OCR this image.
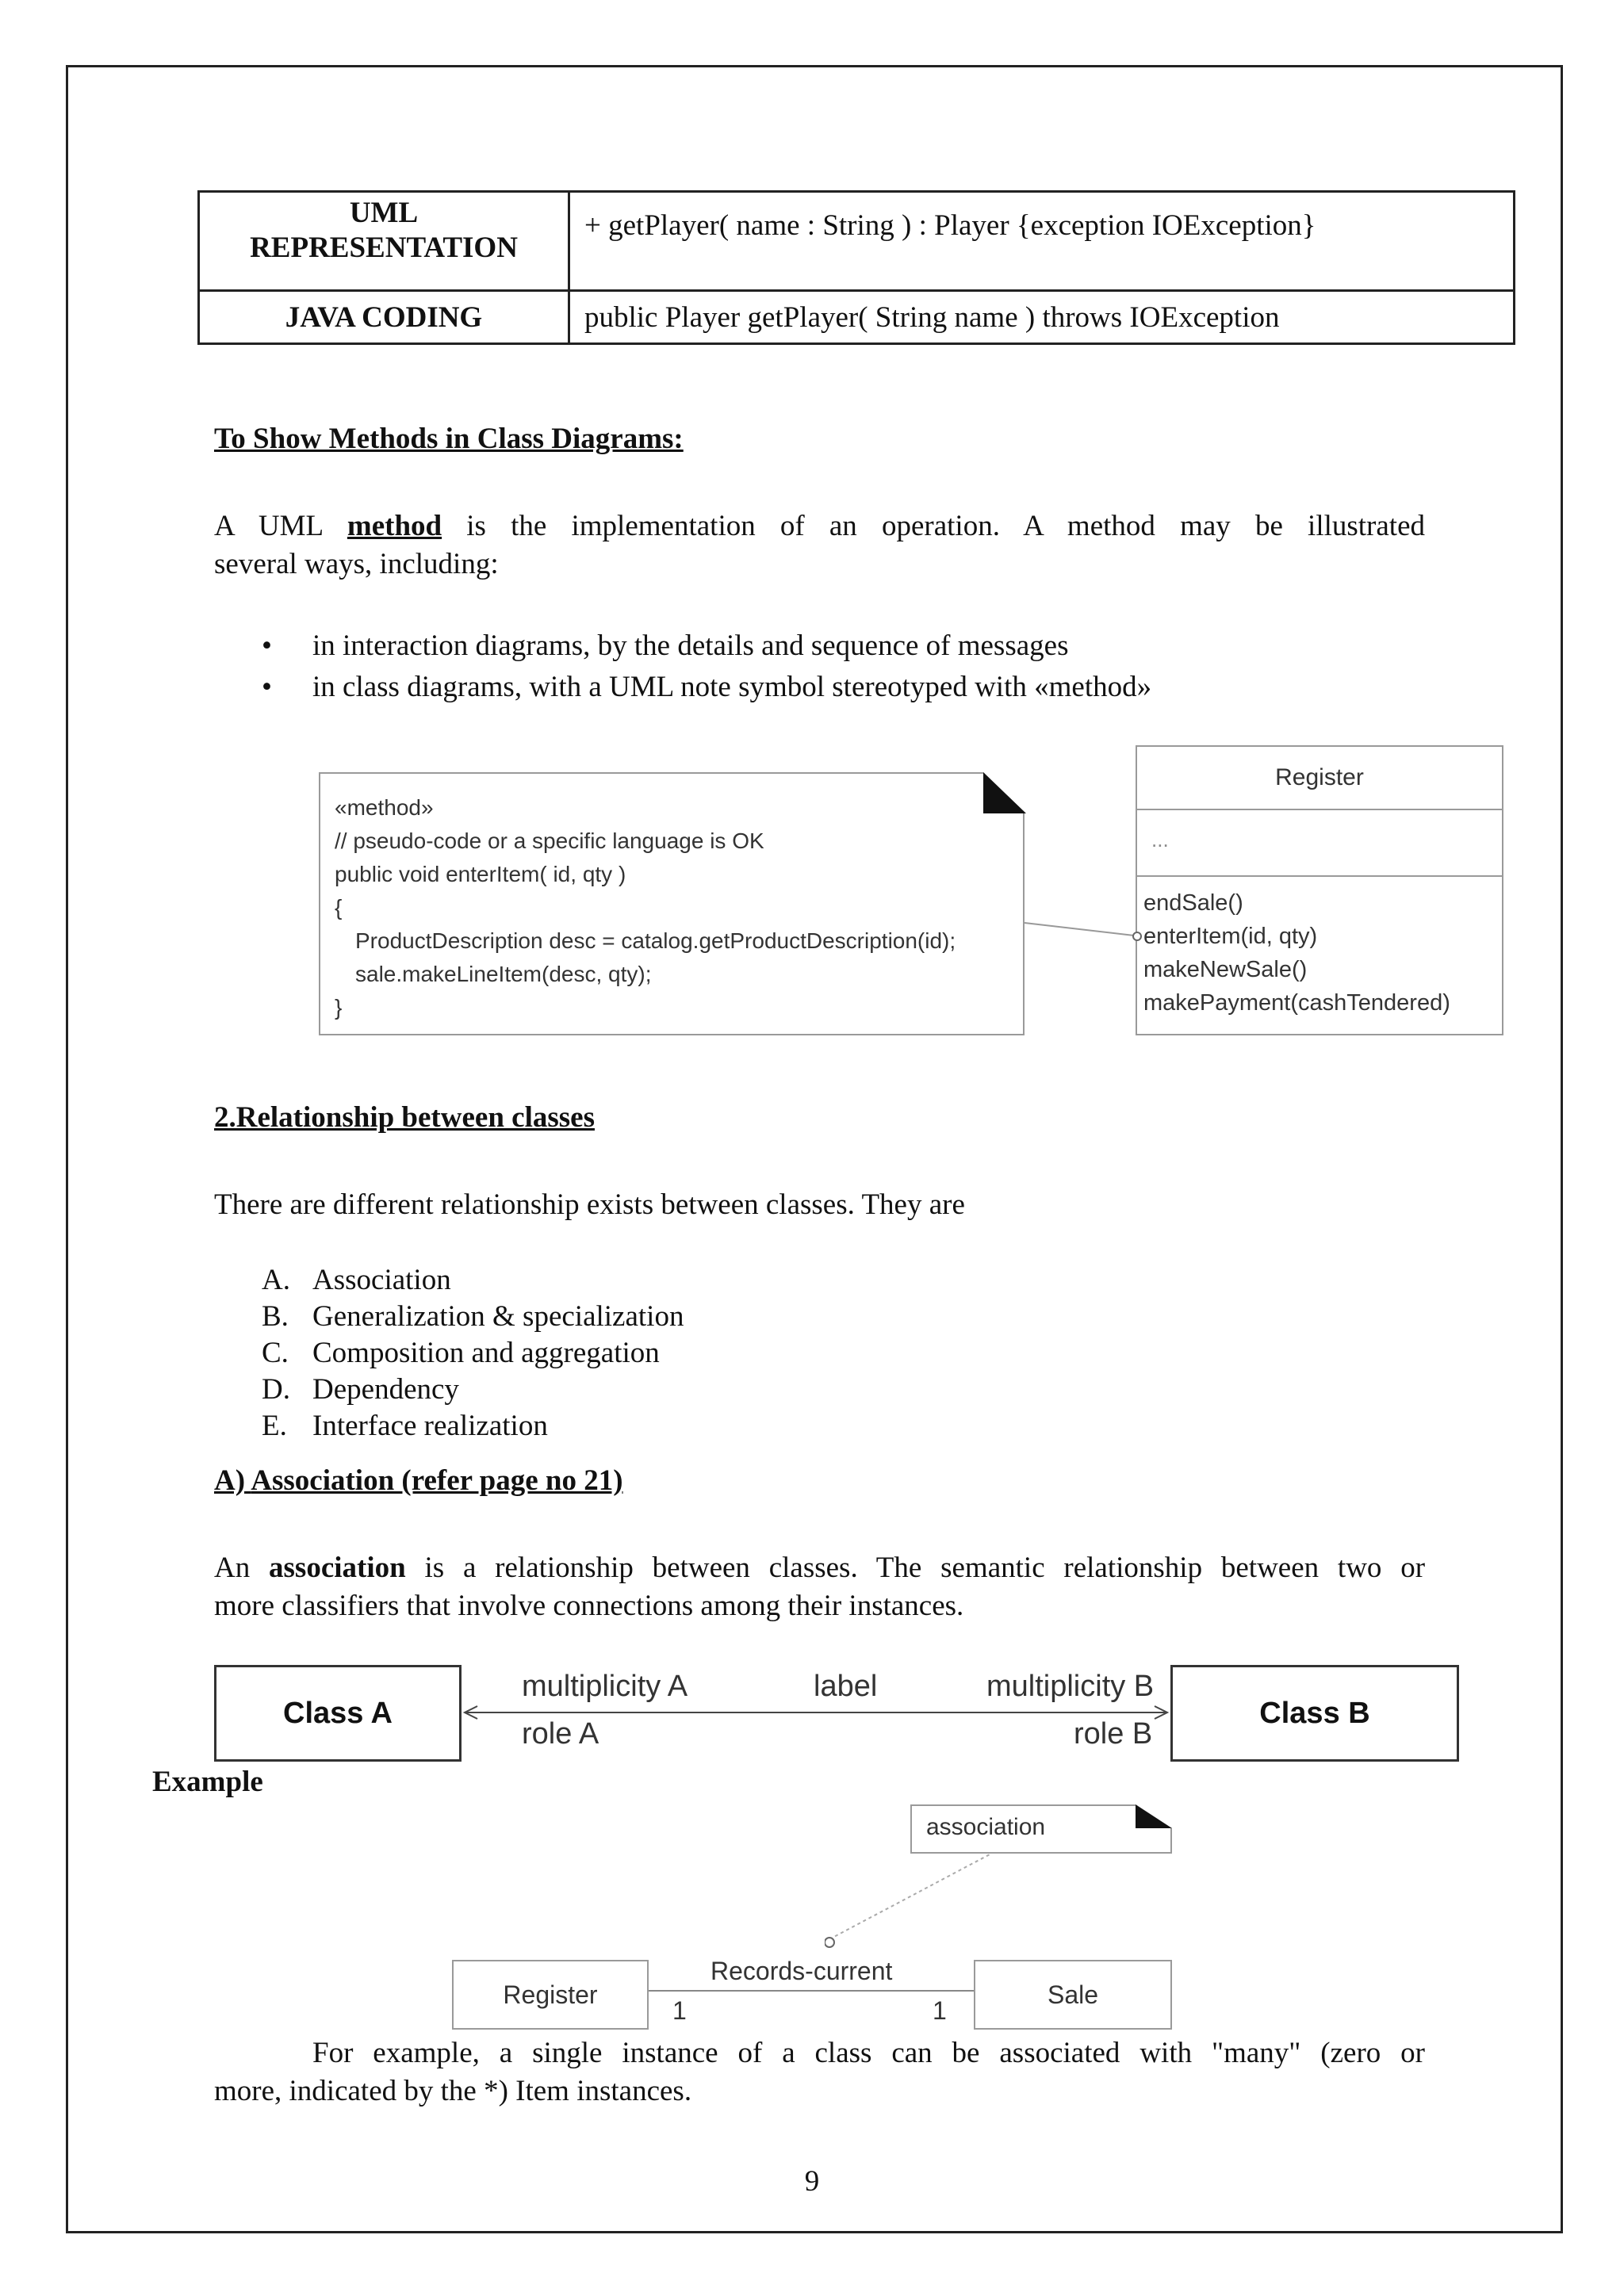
UML REPRESENTATION	+ getPlayer( name : String ) : Player {exception IOException}
JAVA CODING	public Player getPlayer( String name ) throws IOException
To Show Methods in Class Diagrams:
A UML method is the implementation of an operation. A method may be illustrated
several ways, including:
• in interaction diagrams, by the details and sequence of messages
• in class diagrams, with a UML note symbol stereotyped with «method»
«method»
// pseudo-code or a specific language is OK
public void enterItem( id, qty )
{
ProductDescription desc = catalog.getProductDescription(id);
sale.makeLineItem(desc, qty);
}
Register
...
endSale()
enterItem(id, qty)
makeNewSale()
makePayment(cashTendered)
2.Relationship between classes
There are different relationship exists between classes. They are
A. Association
B. Generalization & specialization
C. Composition and aggregation
D. Dependency
E. Interface realization
A) Association (refer page no 21)
An association is a relationship between classes. The semantic relationship between two or
more classifiers that involve connections among their instances.
Class A	Class B
multiplicity A	label	multiplicity B
role A	role B
Example
association
Register	Sale
Records-current
1	1
For example, a single instance of a class can be associated with "many" (zero or
more, indicated by the *) Item instances.
9
